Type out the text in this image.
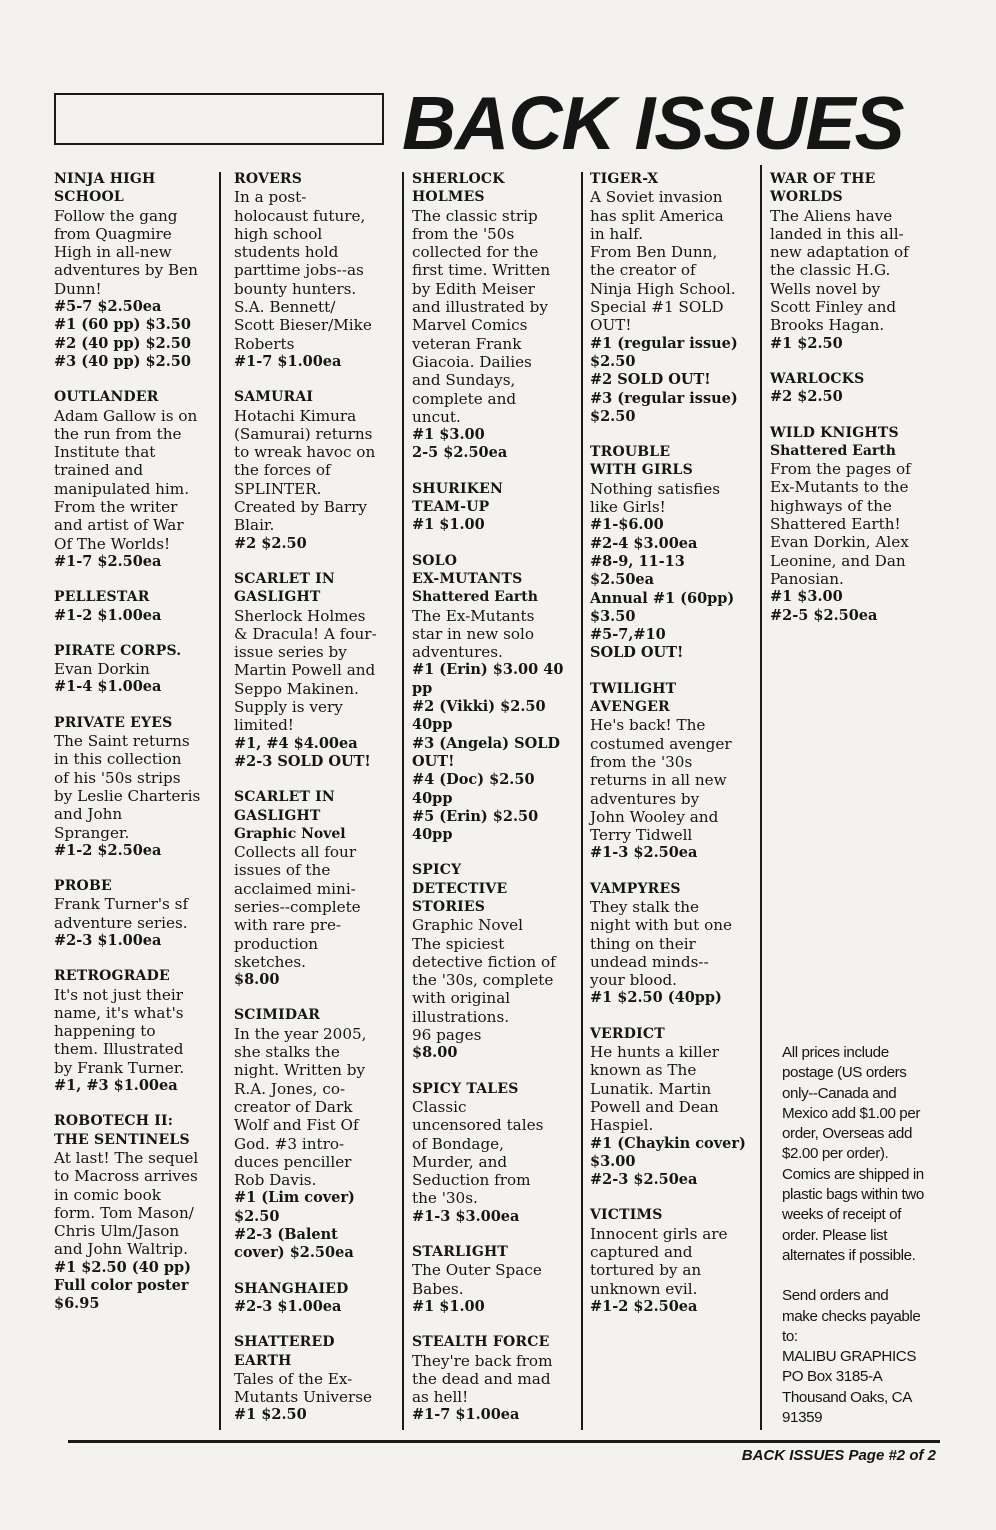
BACK ISSUES
NINJA HIGH
SCHOOL
Follow the gang
from Quagmire
High in all-new
adventures by Ben
Dunn!
#5-7 $2.50ea
#1 (60 pp) $3.50
#2 (40 pp) $2.50
#3 (40 pp) $2.50
OUTLANDER
Adam Gallow is on
the run from the
Institute that
trained and
manipulated him.
From the writer
and artist of War
Of The Worlds!
#1-7 $2.50ea
PELLESTAR
#1-2 $1.00ea
PIRATE CORPS.
Evan Dorkin
#1-4 $1.00ea
PRIVATE EYES
The Saint returns
in this collection
of his '50s strips
by Leslie Charteris
and John
Spranger.
#1-2 $2.50ea
PROBE
Frank Turner's sf
adventure series.
#2-3 $1.00ea
RETROGRADE
It's not just their
name, it's what's
happening to
them. Illustrated
by Frank Turner.
#1, #3 $1.00ea
ROBOTECH II:
THE SENTINELS
At last! The sequel
to Macross arrives
in comic book
form. Tom Mason/
Chris Ulm/Jason
and John Waltrip.
#1 $2.50 (40 pp)
Full color poster
$6.95
ROVERS
In a post-
holocaust future,
high school
students hold
parttime jobs--as
bounty hunters.
S.A. Bennett/
Scott Bieser/Mike
Roberts
#1-7 $1.00ea
SAMURAI
Hotachi Kimura
(Samurai) returns
to wreak havoc on
the forces of
SPLINTER.
Created by Barry
Blair.
#2 $2.50
SCARLET IN
GASLIGHT
Sherlock Holmes
& Dracula! A four-
issue series by
Martin Powell and
Seppo Makinen.
Supply is very
limited!
#1, #4 $4.00ea
#2-3 SOLD OUT!
SCARLET IN
GASLIGHT
Graphic Novel
Collects all four
issues of the
acclaimed mini-
series--complete
with rare pre-
production
sketches.
$8.00
SCIMIDAR
In the year 2005,
she stalks the
night. Written by
R.A. Jones, co-
creator of Dark
Wolf and Fist Of
God. #3 intro-
duces penciller
Rob Davis.
#1 (Lim cover)
$2.50
#2-3 (Balent
cover) $2.50ea
SHANGHAIED
#2-3 $1.00ea
SHATTERED
EARTH
Tales of the Ex-
Mutants Universe
#1 $2.50
SHERLOCK
HOLMES
The classic strip
from the '50s
collected for the
first time. Written
by Edith Meiser
and illustrated by
Marvel Comics
veteran Frank
Giacoia. Dailies
and Sundays,
complete and
uncut.
#1 $3.00
2-5 $2.50ea
SHURIKEN
TEAM-UP
#1 $1.00
SOLO
EX-MUTANTS
Shattered Earth
The Ex-Mutants
star in new solo
adventures.
#1 (Erin) $3.00 40
pp
#2 (Vikki) $2.50
40pp
#3 (Angela) SOLD
OUT!
#4 (Doc) $2.50
40pp
#5 (Erin) $2.50
40pp
SPICY
DETECTIVE
STORIES
Graphic Novel
The spiciest
detective fiction of
the '30s, complete
with original
illustrations.
96 pages
$8.00
SPICY TALES
Classic
uncensored tales
of Bondage,
Murder, and
Seduction from
the '30s.
#1-3 $3.00ea
STARLIGHT
The Outer Space
Babes.
#1 $1.00
STEALTH FORCE
They're back from
the dead and mad
as hell!
#1-7 $1.00ea
TIGER-X
A Soviet invasion
has split America
in half.
From Ben Dunn,
the creator of
Ninja High School.
Special #1 SOLD
OUT!
#1 (regular issue)
$2.50
#2 SOLD OUT!
#3 (regular issue)
$2.50
TROUBLE
WITH GIRLS
Nothing satisfies
like Girls!
#1-$6.00
#2-4 $3.00ea
#8-9, 11-13
$2.50ea
Annual #1 (60pp)
$3.50
#5-7,#10
SOLD OUT!
TWILIGHT
AVENGER
He's back! The
costumed avenger
from the '30s
returns in all new
adventures by
John Wooley and
Terry Tidwell
#1-3 $2.50ea
VAMPYRES
They stalk the
night with but one
thing on their
undead minds--
your blood.
#1 $2.50 (40pp)
VERDICT
He hunts a killer
known as The
Lunatik. Martin
Powell and Dean
Haspiel.
#1 (Chaykin cover)
$3.00
#2-3 $2.50ea
VICTIMS
Innocent girls are
captured and
tortured by an
unknown evil.
#1-2 $2.50ea
WAR OF THE
WORLDS
The Aliens have
landed in this all-
new adaptation of
the classic H.G.
Wells novel by
Scott Finley and
Brooks Hagan.
#1 $2.50
WARLOCKS
#2 $2.50
WILD KNIGHTS
Shattered Earth
From the pages of
Ex-Mutants to the
highways of the
Shattered Earth!
Evan Dorkin, Alex
Leonine, and Dan
Panosian.
#1 $3.00
#2-5 $2.50ea

All prices include
postage (US orders
only--Canada and
Mexico add $1.00 per
order, Overseas add
$2.00 per order).
Comics are shipped in
plastic bags within two
weeks of receipt of
order. Please list
alternates if possible.

Send orders and
make checks payable
to:
MALIBU GRAPHICS
PO Box 3185-A
Thousand Oaks, CA
91359

BACK ISSUES Page #2 of 2
